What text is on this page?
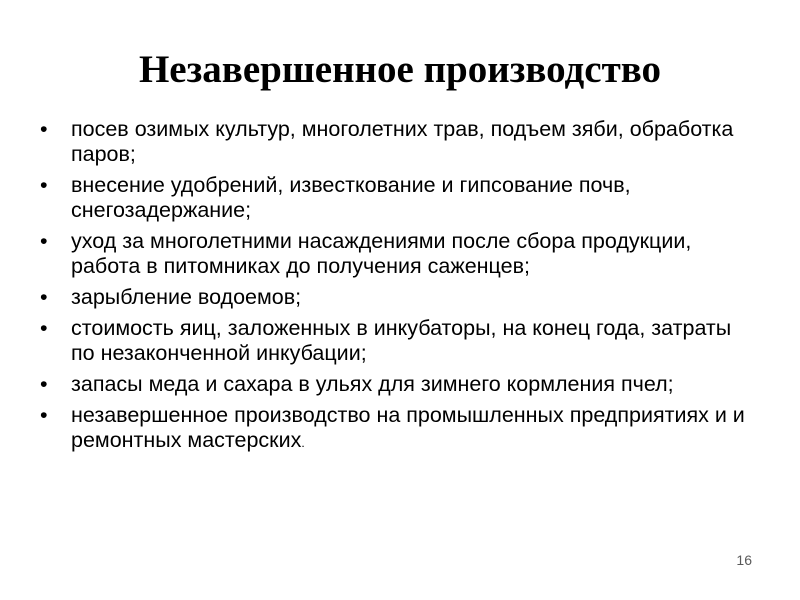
Незавершенное производство
• посев озимых культур, многолетних трав, подъем зяби, обработка паров;
• внесение удобрений, известкование и гипсование почв, снегозадержание;
• уход за многолетними насаждениями после сбора продукции, работа в питомниках до получения саженцев;
• зарыбление водоемов;
• стоимость яиц, заложенных в инкубаторы, на конец года, затраты по незаконченной инкубации;
• запасы меда и сахара в ульях для зимнего кормления пчел;
• незавершенное производство на промышленных предприятиях и и ремонтных мастерских.
16
